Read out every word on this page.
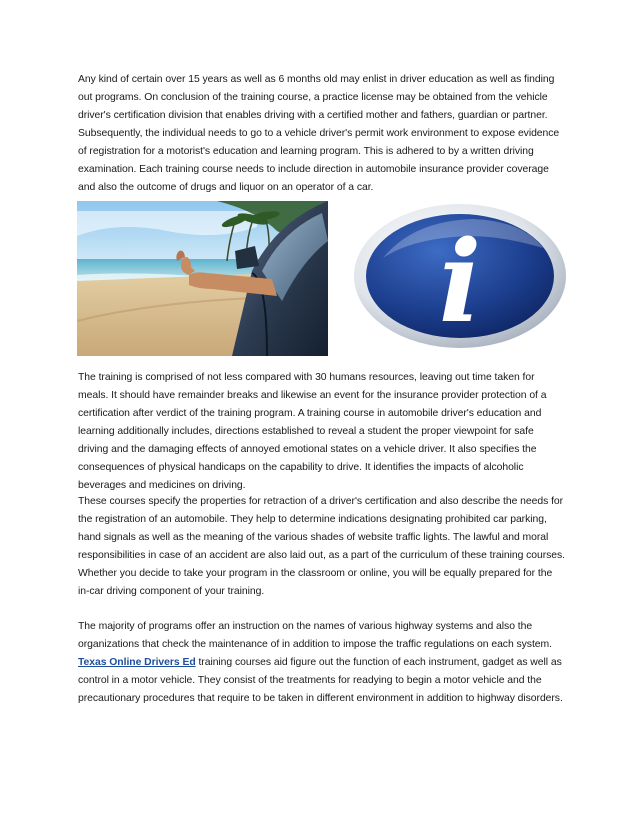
Any kind of certain over 15 years as well as 6 months old may enlist in driver education as well as finding out programs. On conclusion of the training course, a practice license may be obtained from the vehicle driver's certification division that enables driving with a certified mother and fathers, guardian or partner. Subsequently, the individual needs to go to a vehicle driver's permit work environment to expose evidence of registration for a motorist's education and learning program. This is adhered to by a written driving examination. Each training course needs to include direction in automobile insurance provider coverage and also the outcome of drugs and liquor on an operator of a car.

i

The training is comprised of not less compared with 30 humans resources, leaving out time taken for meals. It should have remainder breaks and likewise an event for the insurance provider protection of a certification after verdict of the training program. A training course in automobile driver's education and learning additionally includes, directions established to reveal a student the proper viewpoint for safe driving and the damaging effects of annoyed emotional states on a vehicle driver. It also specifies the consequences of physical handicaps on the capability to drive. It identifies the impacts of alcoholic beverages and medicines on driving.

These courses specify the properties for retraction of a driver's certification and also describe the needs for the registration of an automobile. They help to determine indications designating prohibited car parking, hand signals as well as the meaning of the various shades of website traffic lights. The lawful and moral responsibilities in case of an accident are also laid out, as a part of the curriculum of these training courses. Whether you decide to take your program in the classroom or online, you will be equally prepared for the in-car driving component of your training.

The majority of programs offer an instruction on the names of various highway systems and also the organizations that check the maintenance of in addition to impose the traffic regulations on each system. Texas Online Drivers Ed training courses aid figure out the function of each instrument, gadget as well as control in a motor vehicle. They consist of the treatments for readying to begin a motor vehicle and the precautionary procedures that require to be taken in different environment in addition to highway disorders.
